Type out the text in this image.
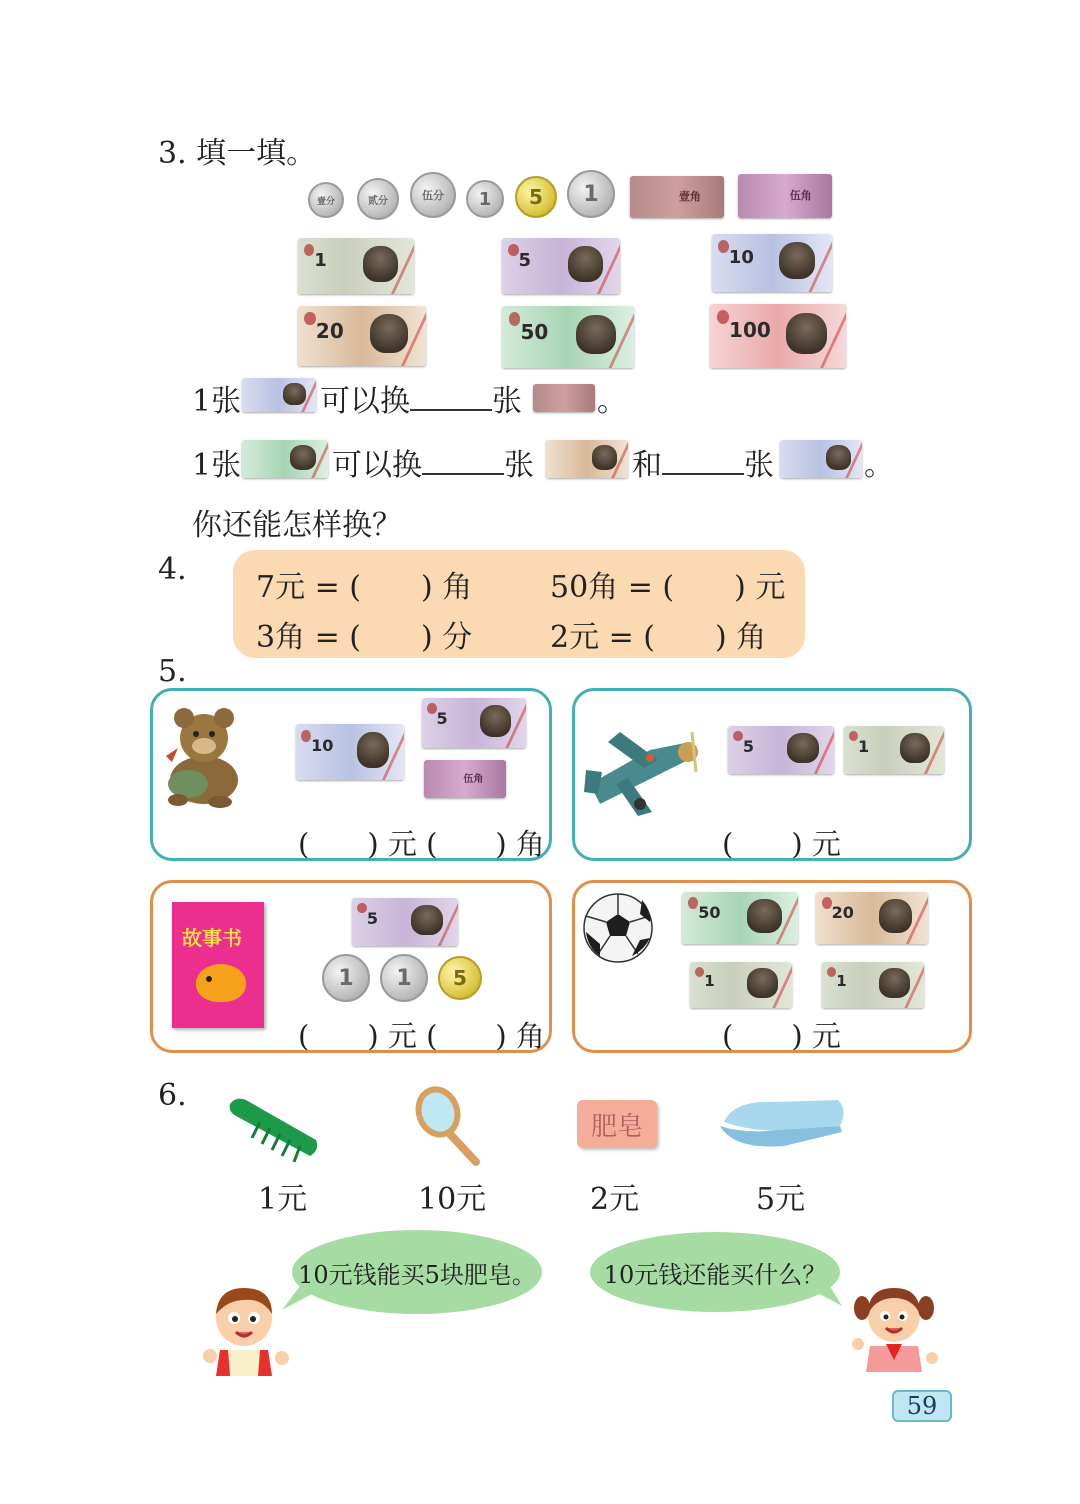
3. 填一填。
壹分	贰分	伍分	1	5	1	壹角	伍角
1	5	10
20	50	100
1张	可以换	张	。
1张	可以换	张	和	张	。
你还能怎样换？
4.
7元 = (　　) 角	50角 = (　　) 元
3角 = (　　) 分	2元 = (　　) 角
5.
10
5
伍角
(　　) 元 (　　) 角
5	1
(　　) 元
故事书
5
1	1	5
(　　) 元 (　　) 角
50	20
1	1
(　　) 元
6.
肥皂
1元	10元	2元	5元
10元钱能买5块肥皂。	10元钱还能买什么？
59
